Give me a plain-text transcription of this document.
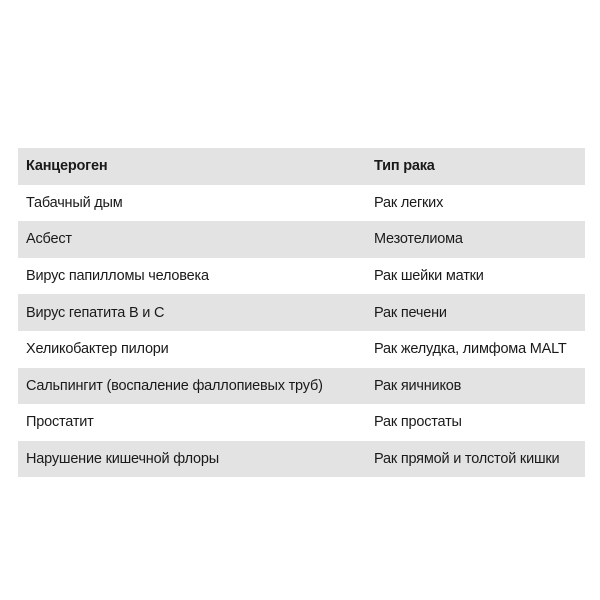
Канцероген	Тип рака
Табачный дым	Рак легких
Асбест	Мезотелиома
Вирус папилломы человека	Рак шейки матки
Вирус гепатита В и С	Рак печени
Хеликобактер пилори	Рак желудка, лимфома MALT
Сальпингит (воспаление фаллопиевых труб)	Рак яичников
Простатит	Рак простаты
Нарушение кишечной флоры	Рак прямой и толстой кишки
